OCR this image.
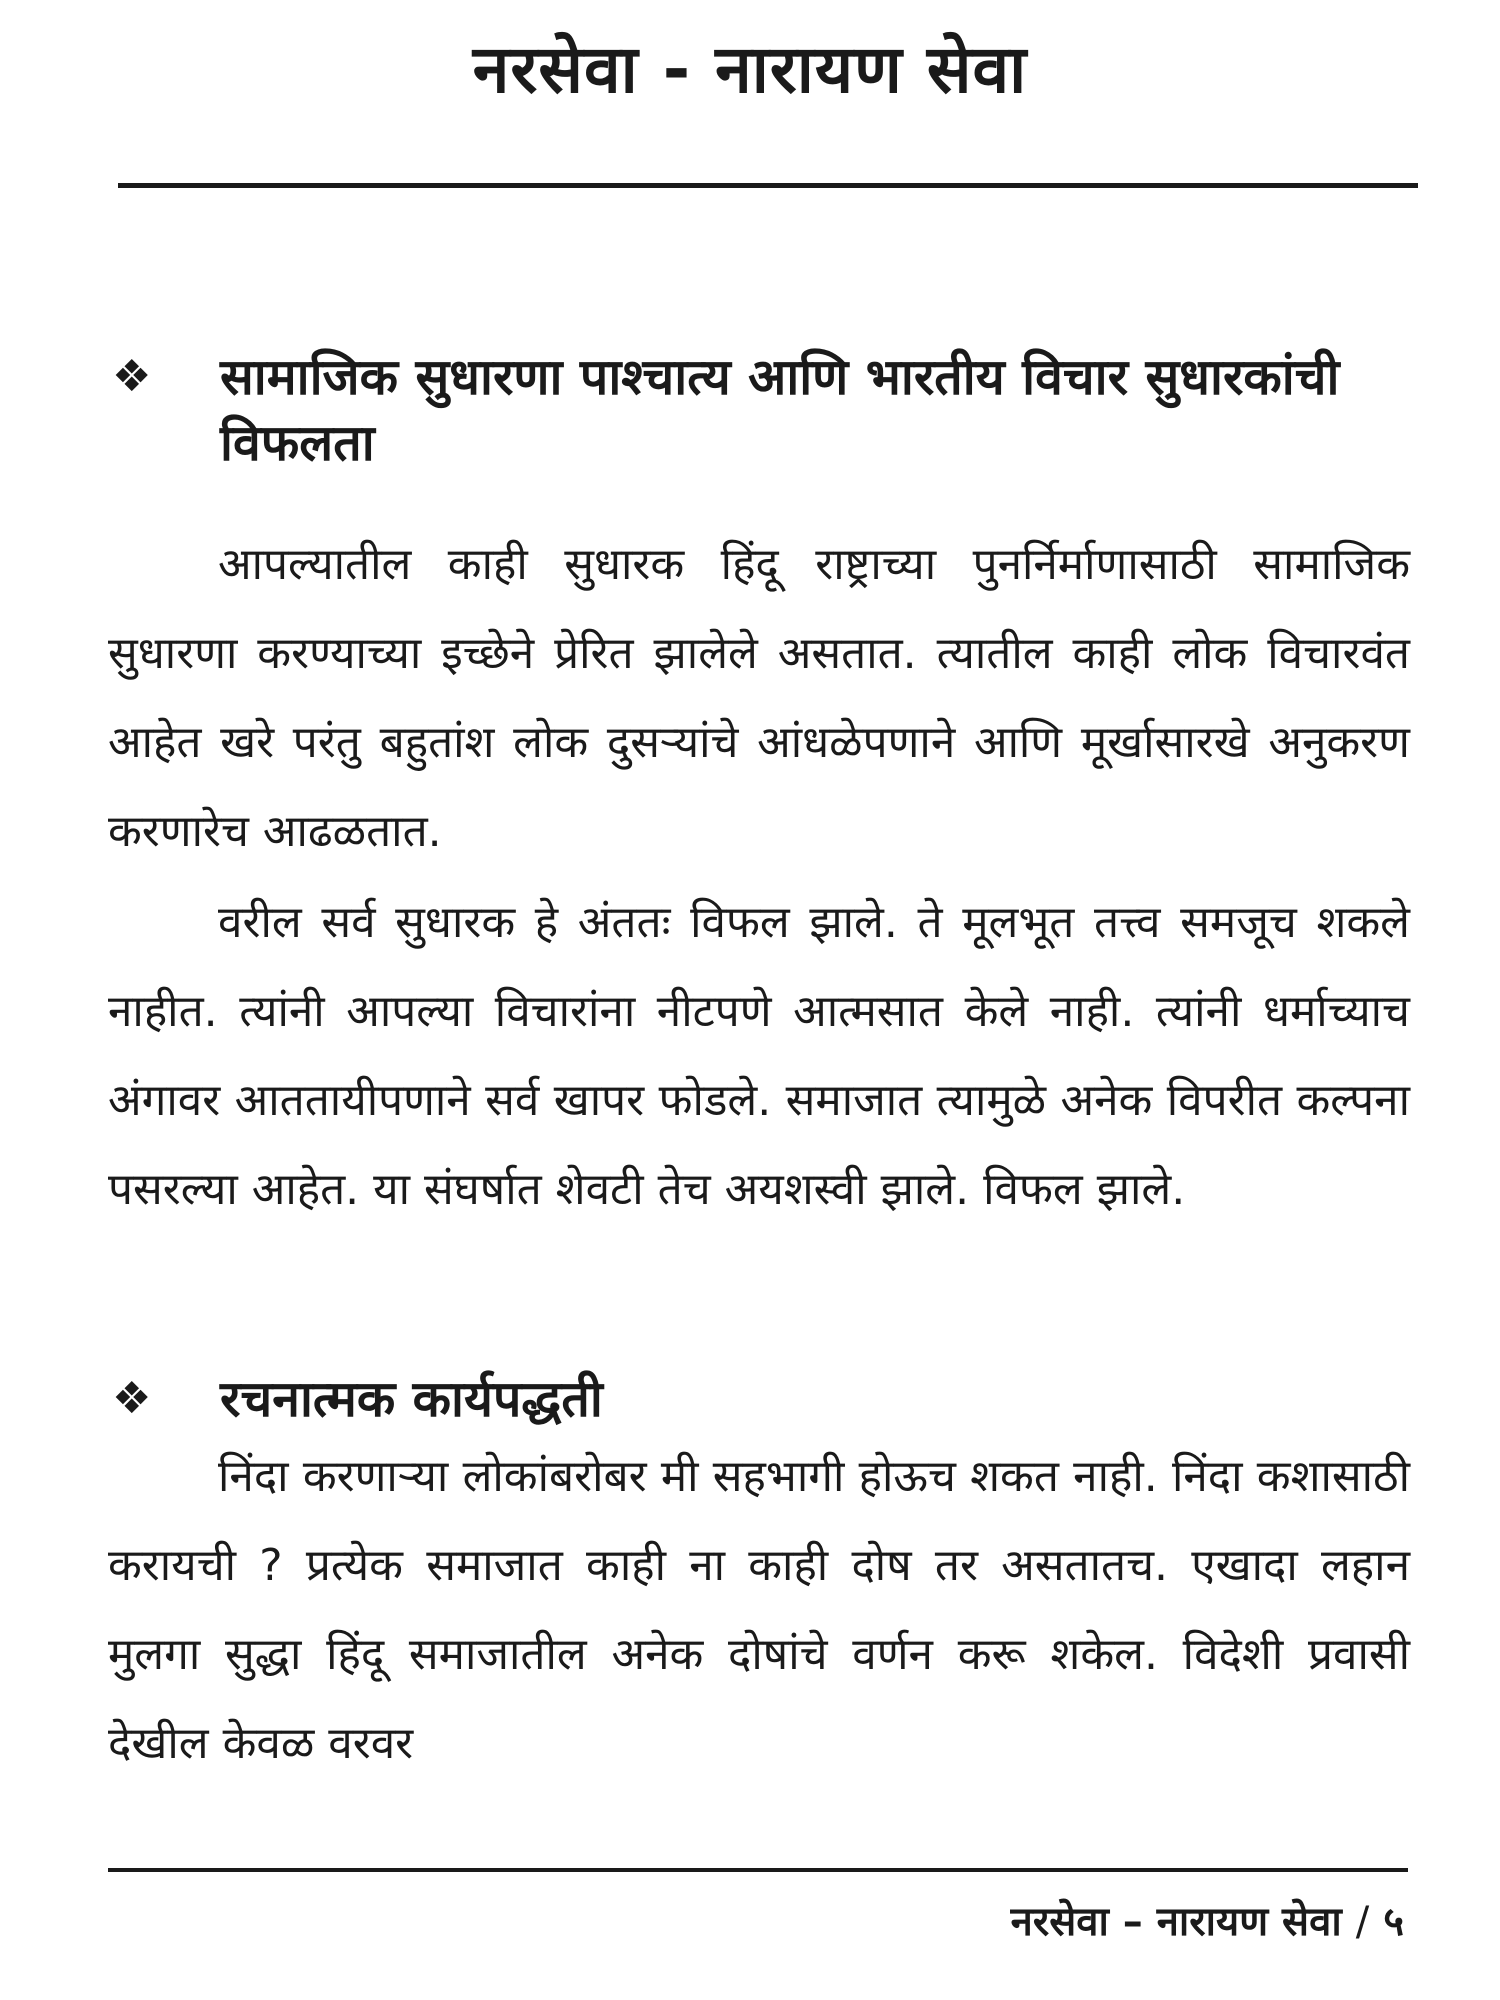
नरसेवा - नारायण सेवा
❖	सामाजिक सुधारणा पाश्चात्य आणि भारतीय विचार सुधारकांची विफलता

आपल्यातील काही सुधारक हिंदू राष्ट्राच्या पुनर्निर्माणासाठी सामाजिक सुधारणा करण्याच्या इच्छेने प्रेरित झालेले असतात. त्यातील काही लोक विचारवंत आहेत खरे परंतु बहुतांश लोक दुसऱ्यांचे आंधळेपणाने आणि मूर्खासारखे अनुकरण करणारेच आढळतात.

वरील सर्व सुधारक हे अंततः विफल झाले. ते मूलभूत तत्त्व समजूच शकले नाहीत. त्यांनी आपल्या विचारांना नीटपणे आत्मसात केले नाही. त्यांनी धर्माच्याच अंगावर आततायीपणाने सर्व खापर फोडले. समाजात त्यामुळे अनेक विपरीत कल्पना पसरल्या आहेत. या संघर्षात शेवटी तेच अयशस्वी झाले. विफल झाले.

❖	रचनात्मक कार्यपद्धती

निंदा करणाऱ्या लोकांबरोबर मी सहभागी होऊच शकत नाही. निंदा कशासाठी करायची ? प्रत्येक समाजात काही ना काही दोष तर असतातच. एखादा लहान मुलगा सुद्धा हिंदू समाजातील अनेक दोषांचे वर्णन करू शकेल. विदेशी प्रवासी देखील केवळ वरवर

नरसेवा – नारायण सेवा / ५
